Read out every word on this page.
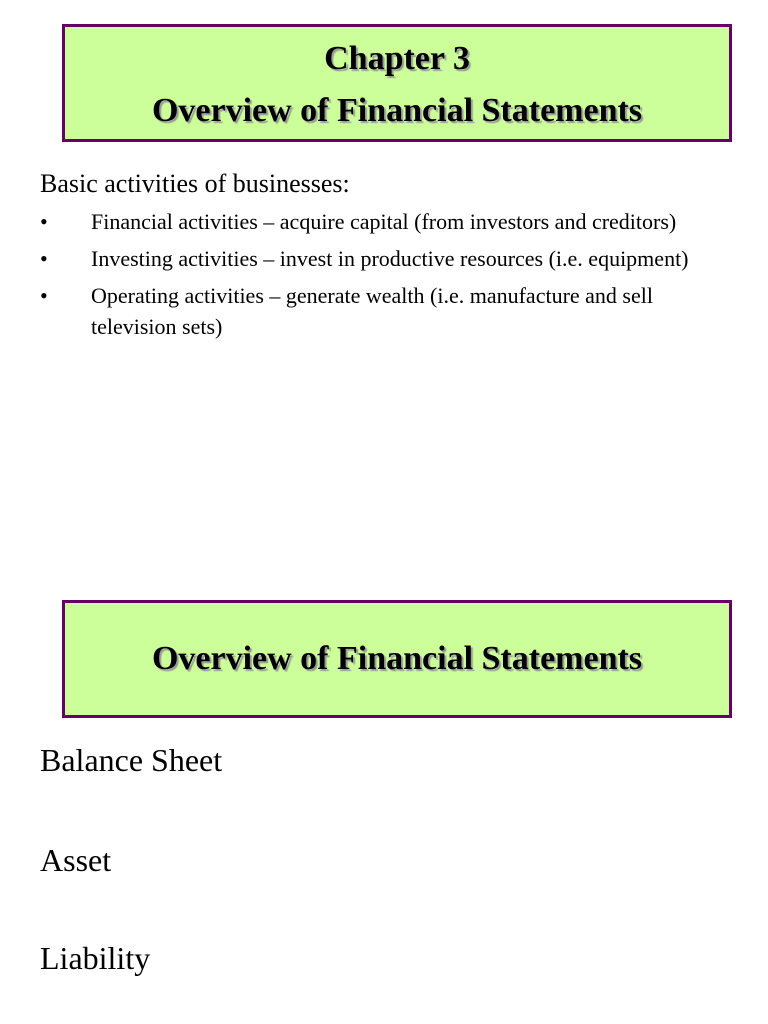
Chapter 3
Overview of Financial Statements
Basic activities of businesses:
• Financial activities – acquire capital (from investors and creditors)
• Investing activities – invest in productive resources (i.e. equipment)
• Operating activities – generate wealth (i.e. manufacture and sell television sets)
Overview of Financial Statements
Balance Sheet
Asset
Liability
